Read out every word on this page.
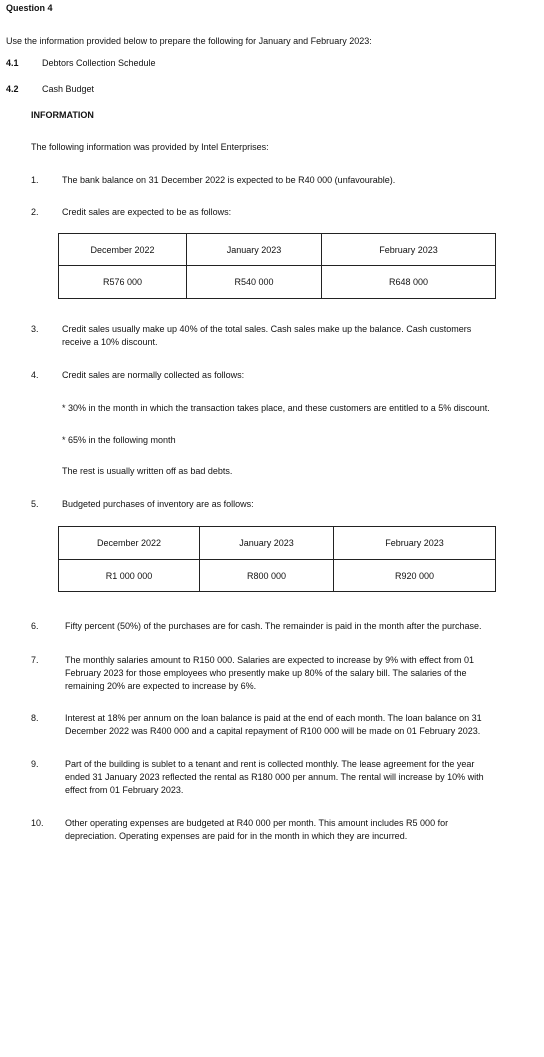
Question 4
Use the information provided below to prepare the following for January and February 2023:
4.1	Debtors Collection Schedule
4.2	Cash Budget
INFORMATION
The following information was provided by Intel Enterprises:
1.	The bank balance on 31 December 2022 is expected to be R40 000 (unfavourable).
2.	Credit sales are expected to be as follows:
December 2022	January 2023	February 2023
R576 000	R540 000	R648 000
3.	Credit sales usually make up 40% of the total sales. Cash sales make up the balance. Cash customers receive a 10% discount.
4.	Credit sales are normally collected as follows:
* 30% in the month in which the transaction takes place, and these customers are entitled to a 5% discount.
* 65% in the following month
The rest is usually written off as bad debts.
5.	Budgeted purchases of inventory are as follows:
December 2022	January 2023	February 2023
R1 000 000	R800 000	R920 000
6.	Fifty percent (50%) of the purchases are for cash. The remainder is paid in the month after the purchase.
7.	The monthly salaries amount to R150 000. Salaries are expected to increase by 9% with effect from 01 February 2023 for those employees who presently make up 80% of the salary bill. The salaries of the remaining 20% are expected to increase by 6%.
8.	Interest at 18% per annum on the loan balance is paid at the end of each month. The loan balance on 31 December 2022 was R400 000 and a capital repayment of R100 000 will be made on 01 February 2023.
9.	Part of the building is sublet to a tenant and rent is collected monthly. The lease agreement for the year ended 31 January 2023 reflected the rental as R180 000 per annum. The rental will increase by 10% with effect from 01 February 2023.
10. Other operating expenses are budgeted at R40 000 per month. This amount includes R5 000 for depreciation. Operating expenses are paid for in the month in which they are incurred.
